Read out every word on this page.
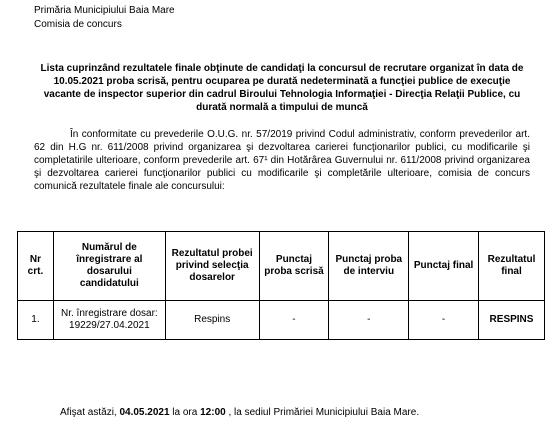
Primăria Municipiului Baia Mare
Comisia de concurs
Lista cuprinzând rezultatele finale obţinute de candidaţi la concursul de recrutare organizat în data de 10.05.2021 proba scrisă, pentru ocuparea pe durată nedeterminată a funcţiei publice de execuţie vacante de inspector superior din cadrul Biroului Tehnologia Informaţiei - Direcţia Relaţii Publice, cu durată normală a timpului de muncă
În conformitate cu prevederile O.U.G. nr. 57/2019 privind Codul administrativ, conform prevederilor art. 62 din H.G nr. 611/2008 privind organizarea şi dezvoltarea carierei funcţionarilor publici, cu modificarile şi completatirile ulterioare, conform prevederile art. 67¹ din Hotărârea Guvernului nr. 611/2008 privind organizarea şi dezvoltarea carierei funcţionarilor publici cu modificarile şi completările ulterioare, comisia de concurs comunică rezultatele finale ale concursului:
Nr crt.	Numărul de înregistrare al dosarului candidatului	Rezultatul probei privind selecţia dosarelor	Punctaj proba scrisă	Punctaj proba de interviu	Punctaj final	Rezultatul final
1.	Nr. înregistrare dosar: 19229/27.04.2021	Respins	-	-	-	RESPINS
Afişat astăzi, 04.05.2021 la ora 12:00 , la sediul Primăriei Municipiului Baia Mare.
